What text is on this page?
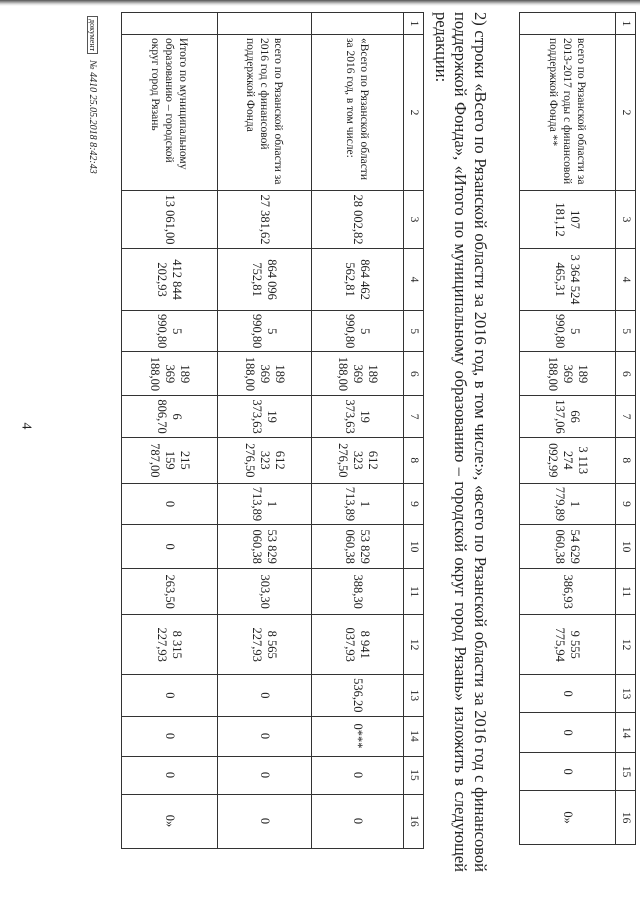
4
1	2	3	4	5	6	7	8	9	10	11	12	13	14	15	16
	всего по Рязанской области за 2013-2017 годы с финансовой поддержкой Фонда **	107 181,12	3 364 524 465,31	5 990,80	189 369 188,00	66 137,06	3 113 274 092,99	1 779,89	54 629 060,38	386,93	9 555 775,94	0	0	0	0»
2) строки «Всего по Рязанской области за 2016 год, в том числе:», «всего по Рязанской области за 2016 год с финансовой поддержкой Фонда», «Итого по муниципальному образованию – городской округ город Рязань» изложить в следующей редакции:
1	2	3	4	5	6	7	8	9	10	11	12	13	14	15	16
	«Всего по Рязанской области за 2016 год, в том числе:	28 002,82	864 462 562,81	5 990,80	189 369 188,00	19 373,63	612 323 276,50	1 713,89	53 829 060,38	388,30	8 941 037,93	536,20	0***	0	0
	всего по Рязанской области за 2016 год с финансовой поддержкой Фонда	27 381,62	864 096 752,81	5 990,80	189 369 188,00	19 373,63	612 323 276,50	1 713,89	53 829 060,38	303,30	8 565 227,93	0	0	0	0
	Итого по муниципальному образованию – городской округ город Рязань	13 061,00	412 844 202,93	5 990,80	189 369 188,00	6 806,70	215 159 787,00	0	0	263,50	8 315 227,93	0	0	0	0»
документ№ 4410 25.05.2018 8:42:43
